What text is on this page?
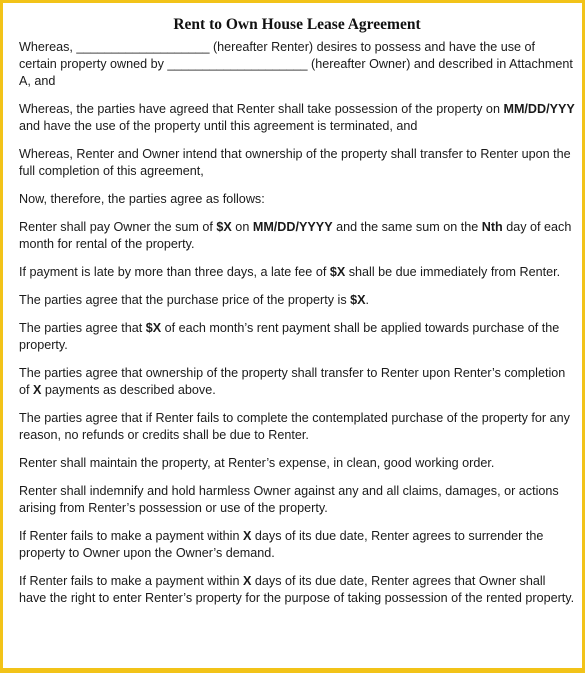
Rent to Own House Lease Agreement

Whereas, ___________________ (hereafter Renter) desires to possess and have the use of certain property owned by ____________________ (hereafter Owner) and described in Attachment A, and

Whereas, the parties have agreed that Renter shall take possession of the property on MM/DD/YYY and have the use of the property until this agreement is terminated, and

Whereas, Renter and Owner intend that ownership of the property shall transfer to Renter upon the full completion of this agreement,

Now, therefore, the parties agree as follows:

Renter shall pay Owner the sum of $X on MM/DD/YYYY and the same sum on the Nth day of each month for rental of the property.

If payment is late by more than three days, a late fee of $X shall be due immediately from Renter.

The parties agree that the purchase price of the property is $X.

The parties agree that $X of each month’s rent payment shall be applied towards purchase of the property.

The parties agree that ownership of the property shall transfer to Renter upon Renter’s completion of X payments as described above.

The parties agree that if Renter fails to complete the contemplated purchase of the property for any reason, no refunds or credits shall be due to Renter.

Renter shall maintain the property, at Renter’s expense, in clean, good working order.

Renter shall indemnify and hold harmless Owner against any and all claims, damages, or actions arising from Renter’s possession or use of the property.

If Renter fails to make a payment within X days of its due date, Renter agrees to surrender the property to Owner upon the Owner’s demand.

If Renter fails to make a payment within X days of its due date, Renter agrees that Owner shall have the right to enter Renter’s property for the purpose of taking possession of the rented property.
